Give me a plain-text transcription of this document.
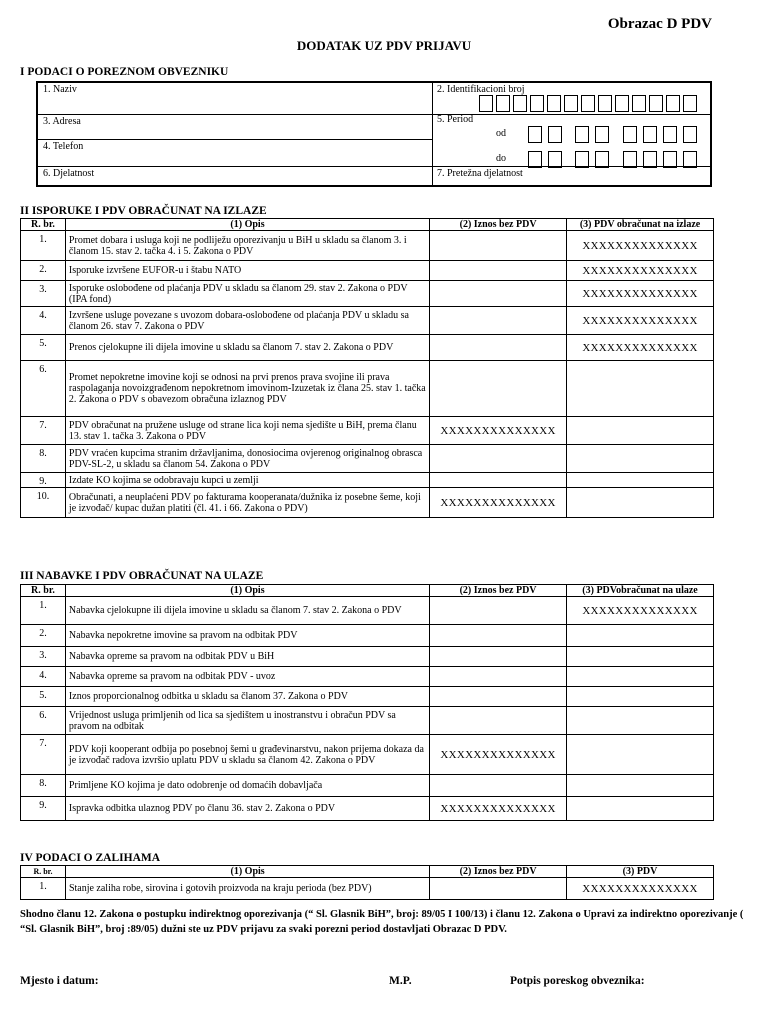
Obrazac D PDV
DODATAK UZ PDV PRIJAVU
I PODACI O POREZNOM OBVEZNIKU
1. Naziv	2. Identifikacioni broj
3. Adresa	5. Period
od
do
4. Telefon
6. Djelatnost	7. Pretežna djelatnost
II ISPORUKE I PDV OBRAČUNAT NA IZLAZE
R. br.	(1) Opis	(2) Iznos bez PDV	(3) PDV obračunat na izlaze
1.	Promet dobara i usluga koji ne podliježu oporezivanju u BiH u skladu sa članom 3. i članom 15. stav 2. tačka 4. i 5. Zakona o PDV		XXXXXXXXXXXXXX
2.	Isporuke izvršene EUFOR-u i štabu NATO		XXXXXXXXXXXXXX
3.	Isporuke oslobođene od plaćanja PDV u skladu sa članom 29. stav 2. Zakona o PDV (IPA fond)		XXXXXXXXXXXXXX
4.	Izvršene usluge povezane s uvozom dobara-oslobođene od plaćanja PDV u skladu sa članom 26. stav 7. Zakona o PDV		XXXXXXXXXXXXXX
5.	Prenos cjelokupne ili dijela imovine u skladu sa članom 7. stav 2. Zakona o PDV		XXXXXXXXXXXXXX
6.	Promet nepokretne imovine koji se odnosi na prvi prenos prava svojine ili prava raspolaganja novoizgrađenom nepokretnom imovinom-Izuzetak iz člana 25. stav 1. tačka 2. Zakona o PDV s obavezom obračuna izlaznog PDV		
7.	PDV obračunat na pružene usluge od strane lica koji nema sjedište u BiH, prema članu 13. stav 1. tačka 3. Zakona o PDV	XXXXXXXXXXXXXX	
8.	PDV vraćen kupcima stranim državljanima, donosiocima ovjerenog originalnog obrasca PDV-SL-2, u skladu sa članom 54. Zakona o PDV		
9.	Izdate KO kojima se odobravaju kupci u zemlji		
10.	Obračunati, a neuplaćeni PDV po fakturama kooperanata/dužnika iz posebne šeme, koji je izvođač/ kupac dužan platiti (čl. 41. i 66. Zakona o PDV)	XXXXXXXXXXXXXX	
III NABAVKE I PDV OBRAČUNAT NA ULAZE
R. br.	(1) Opis	(2) Iznos bez PDV	(3) PDVobračunat na ulaze
1.	Nabavka cjelokupne ili dijela imovine u skladu sa članom 7. stav 2. Zakona o PDV		XXXXXXXXXXXXXX
2.	Nabavka nepokretne imovine sa pravom na odbitak PDV		
3.	Nabavka opreme sa pravom na odbitak PDV u BiH		
4.	Nabavka opreme sa pravom na odbitak PDV - uvoz		
5.	Iznos proporcionalnog odbitka u skladu sa članom 37. Zakona o PDV		
6.	Vrijednost usluga primljenih od lica sa sjedištem u inostranstvu i obračun PDV sa pravom na odbitak		
7.	PDV koji kooperant odbija po posebnoj šemi u građevinarstvu, nakon prijema dokaza da je izvođač radova izvršio uplatu PDV u skladu sa članom 42. Zakona o PDV	XXXXXXXXXXXXXX	
8.	Primljene KO kojima je dato odobrenje od domaćih dobavljača		
9.	Ispravka odbitka ulaznog PDV po članu 36. stav 2. Zakona o PDV	XXXXXXXXXXXXXX	
IV PODACI O ZALIHAMA
R. br.	(1) Opis	(2) Iznos bez PDV	(3) PDV
1.	Stanje zaliha robe, sirovina i gotovih proizvoda na kraju perioda (bez PDV)		XXXXXXXXXXXXXX
Shodno članu 12. Zakona o postupku indirektnog oporezivanja (“ Sl. Glasnik BiH”, broj: 89/05 I 100/13) i članu 12. Zakona o Upravi za indirektno oporezivanje ( “Sl. Glasnik BiH”, broj :89/05) dužni ste uz PDV prijavu za svaki porezni period dostavljati Obrazac D PDV.
Mjesto i datum:	M.P.	Potpis poreskog obveznika:
